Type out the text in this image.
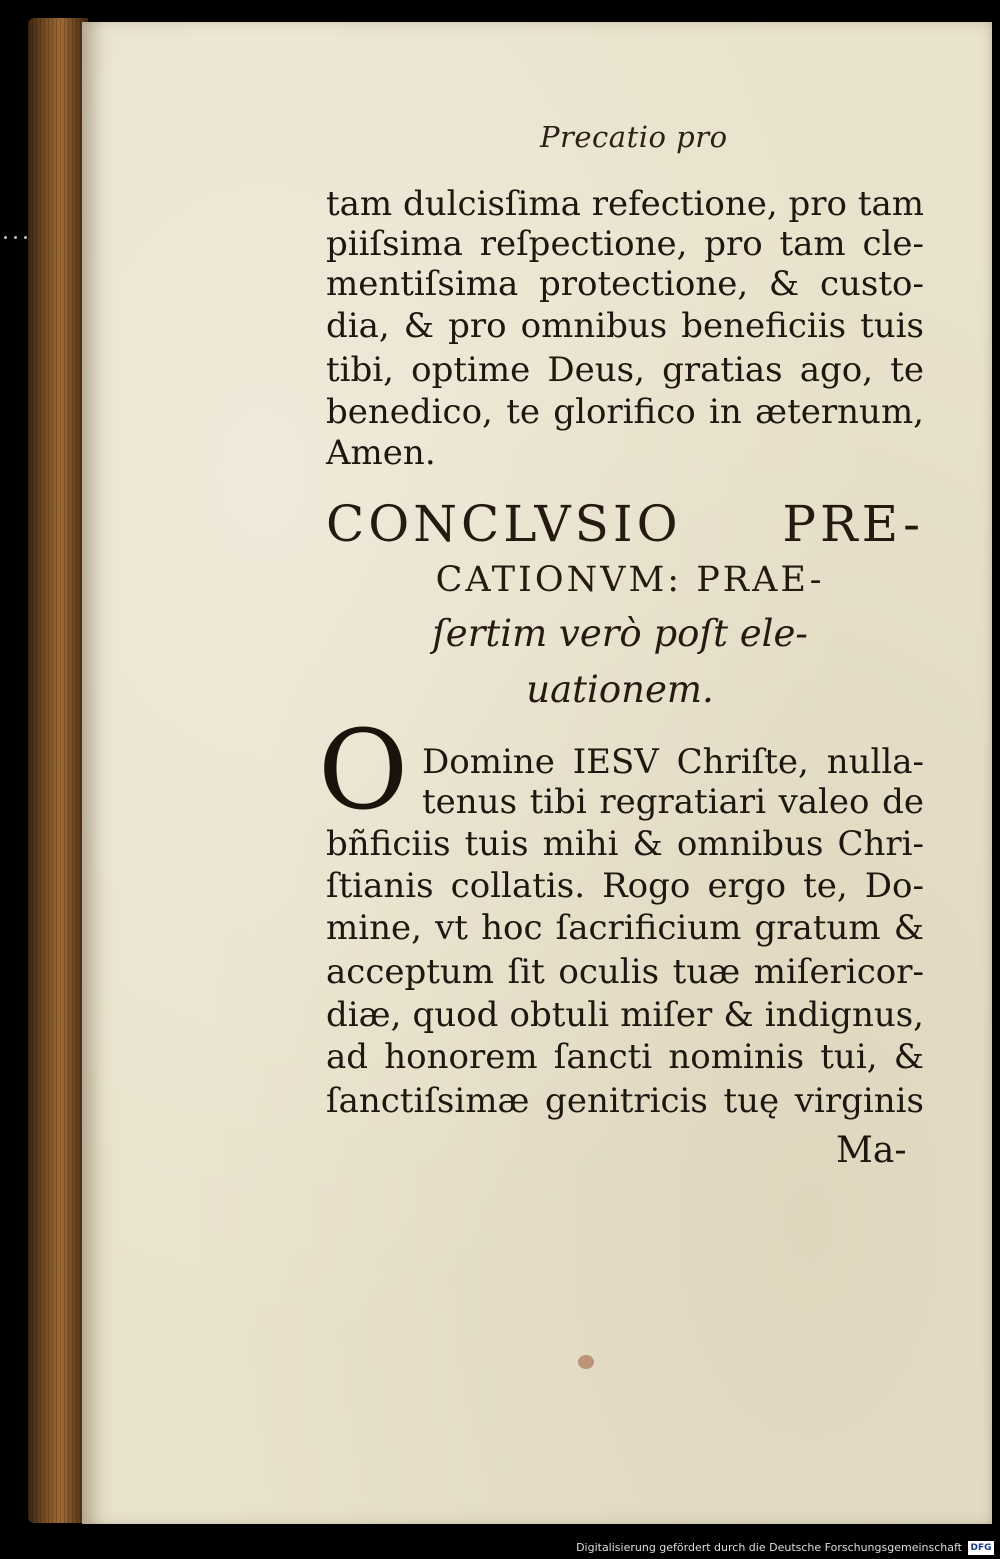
Precatio pro
tam dulcisſima refectione, pro tam
piiſsima reſpectione, pro tam cle-
mentiſsima protectione, & custo-
dia, & pro omnibus beneficiis tuis
tibi, optime Deus, gratias ago, te
benedico, te glorifico in æternum,
Amen.
CONCLVSIO PRE-
CATIONVM: PRAE-
ſertim verò poſt ele-
uationem.
O Domine IESV Chriſte, nulla-
tenus tibi regratiari valeo de
bñficiis tuis mihi & omnibus Chri-
ſtianis collatis. Rogo ergo te, Do-
mine, vt hoc ſacrificium gratum &
acceptum ſit oculis tuæ miſericor-
diæ, quod obtuli miſer & indignus,
ad honorem ſancti nominis tui, &
ſanctiſsimæ genitricis tuę virginis
Ma-
Digitalisierung gefördert durch die Deutsche Forschungsgemeinschaft DFG
